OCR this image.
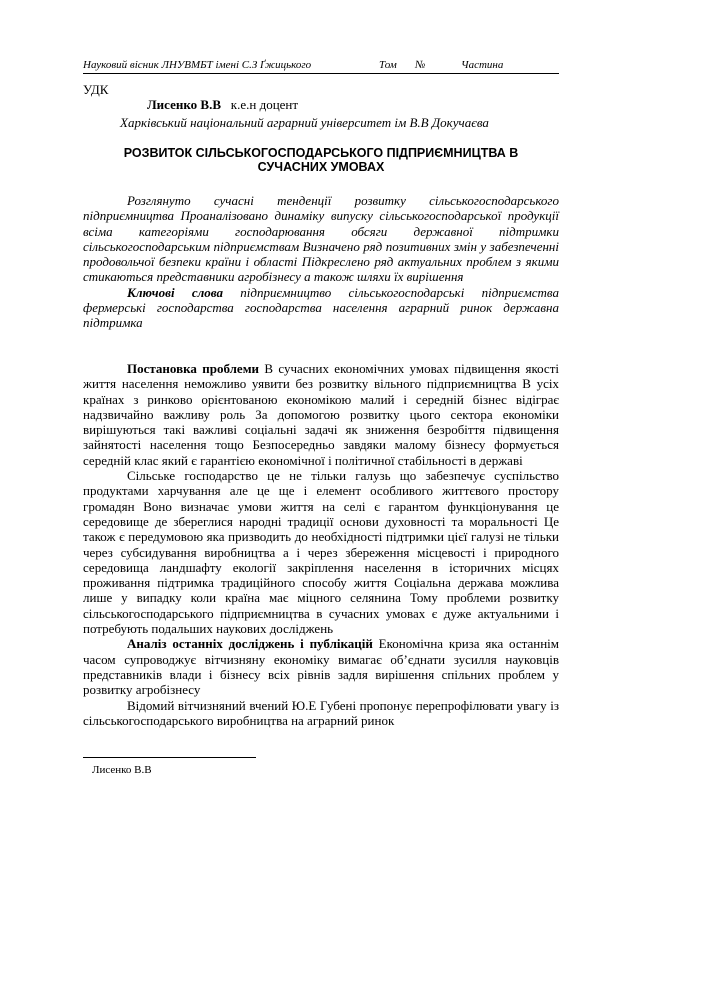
Науковий вісник ЛНУВМБТ імені С.З Ґжицького	Том №	Частина
УДК
Лисенко В.В к.е.н доцент
Харківський національний аграрний університет ім В.В Докучаєва
РОЗВИТОК СІЛЬСЬКОГОСПОДАРСЬКОГО ПІДПРИЄМНИЦТВА В
СУЧАСНИХ УМОВАХ

Розглянуто сучасні тенденції розвитку сільськогосподарського підприємництва Проаналізовано динаміку випуску сільськогосподарської продукції всіма категоріями господарювання обсяги державної підтримки сільськогосподарським підприємствам Визначено ряд позитивних змін у забезпеченні продовольчої безпеки країни і області Підкреслено ряд актуальних проблем з якими стикаються представники агробізнесу а також шляхи їх вирішення

Ключові слова підприємництво сільськогосподарські підприємства фермерські господарства господарства населення аграрний ринок державна підтримка

Постановка проблеми В сучасних економічних умовах підвищення якості життя населення неможливо уявити без розвитку вільного підприємництва В усіх країнах з ринково орієнтованою економікою малий і середній бізнес відіграє надзвичайно важливу роль За допомогою розвитку цього сектора економіки вирішуються такі важливі соціальні задачі як зниження безробіття підвищення зайнятості населення тощо Безпосередньо завдяки малому бізнесу формується середній клас який є гарантією економічної і політичної стабільності в державі

Сільське господарство це не тільки галузь що забезпечує суспільство продуктами харчування але це ще і елемент особливого життєвого простору громадян Воно визначає умови життя на селі є гарантом функціонування це середовище де збереглися народні традиції основи духовності та моральності Це також є передумовою яка призводить до необхідності підтримки цієї галузі не тільки через субсидування виробництва а і через збереження місцевості і природного середовища ландшафту екології закріплення населення в історичних місцях проживання підтримка традиційного способу життя Соціальна держава можлива лише у випадку коли країна має міцного селянина Тому проблеми розвитку сільськогосподарського підприємництва в сучасних умовах є дуже актуальними і потребують подальших наукових досліджень

Аналіз останніх досліджень і публікацій Економічна криза яка останнім часом супроводжує вітчизняну економіку вимагає об’єднати зусилля науковців представників влади і бізнесу всіх рівнів задля вирішення спільних проблем у розвитку агробізнесу

Відомий вітчизняний вчений Ю.Е Губені пропонує перепрофілювати увагу із сільськогосподарського виробництва на аграрний ринок

Лисенко В.В
